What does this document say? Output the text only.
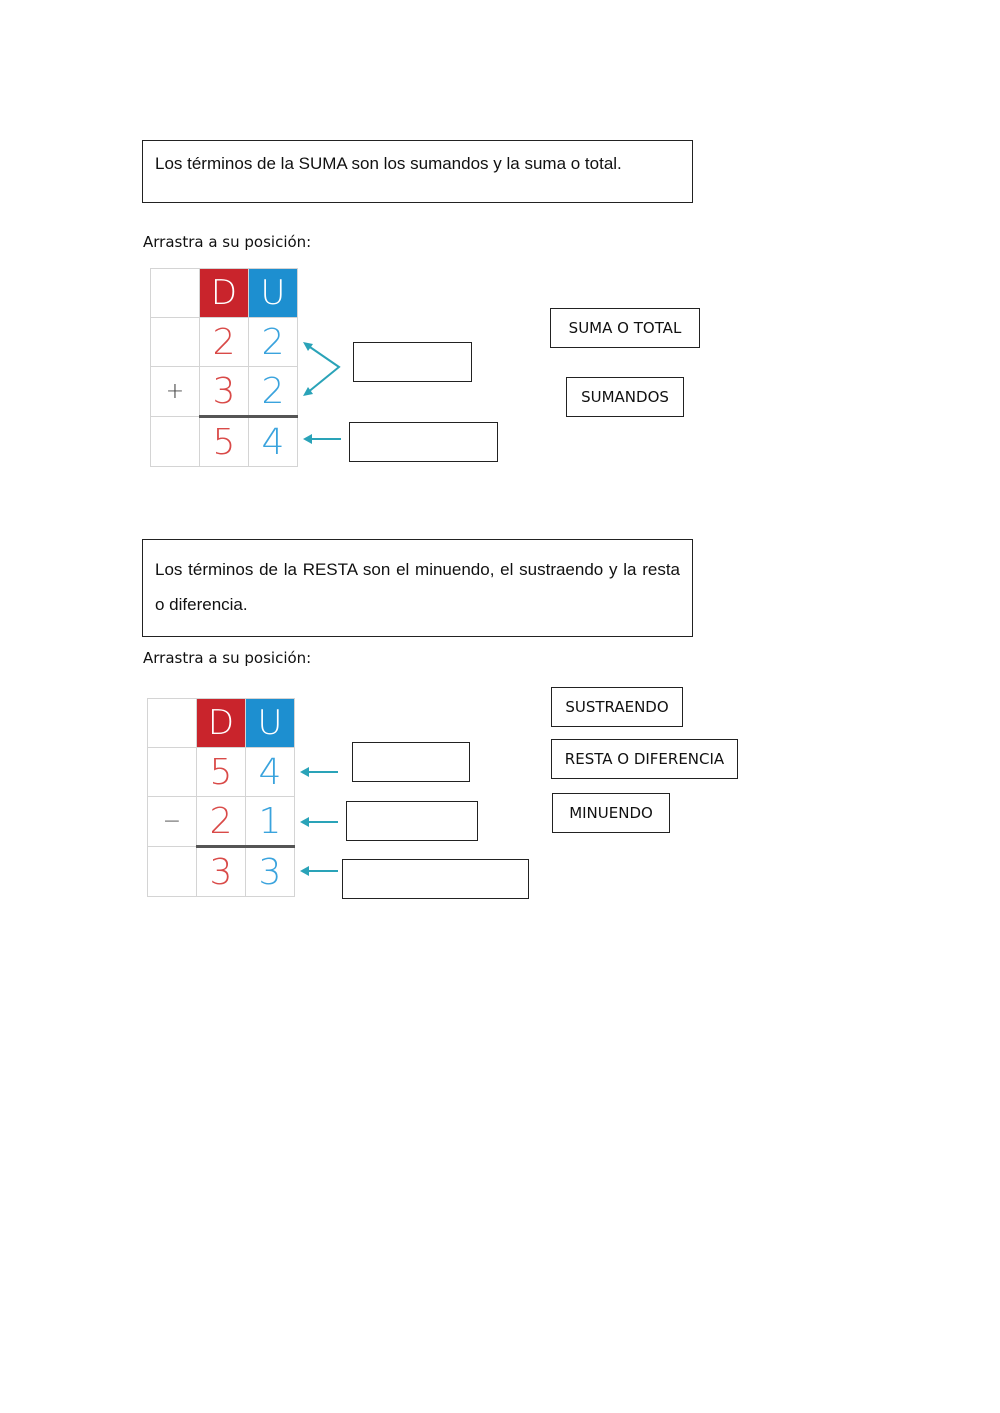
Los términos de la SUMA son los sumandos y la suma o total.
Arrastra a su posición:
	D	U
	2	2
+	3	2
	5	4
SUMA O TOTAL
SUMANDOS
Los términos de la RESTA son el minuendo, el sustraendo y la resta o diferencia.
Arrastra a su posición:
	D	U
	5	4
−	2	1
	3	3
SUSTRAENDO
RESTA O DIFERENCIA
MINUENDO
